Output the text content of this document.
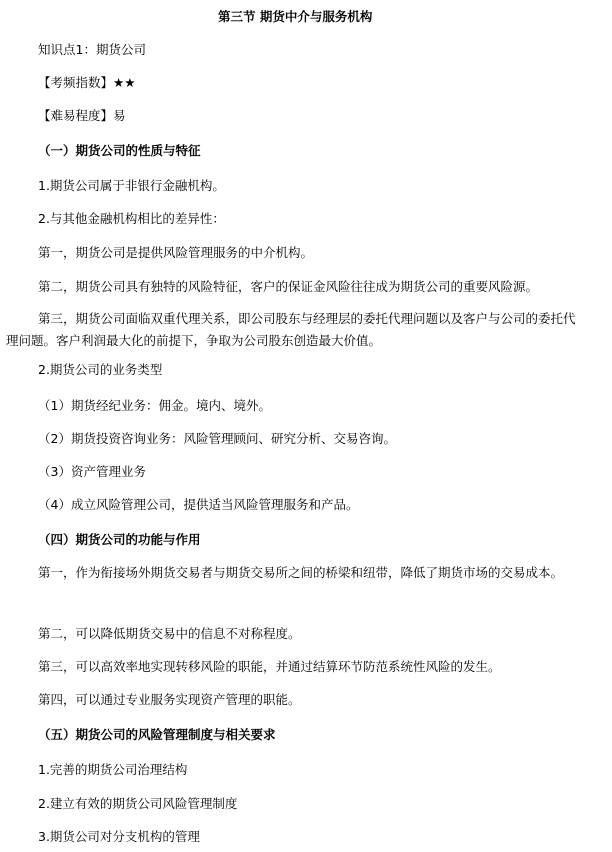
第三节 期货中介与服务机构
知识点1：期货公司
【考频指数】★★
【难易程度】易
（一）期货公司的性质与特征
1.期货公司属于非银行金融机构。
2.与其他金融机构相比的差异性：
第一，期货公司是提供风险管理服务的中介机构。
第二，期货公司具有独特的风险特征，客户的保证金风险往往成为期货公司的重要风险源。
第三，期货公司面临双重代理关系，即公司股东与经理层的委托代理问题以及客户与公司的委托代理问题。客户利润最大化的前提下，争取为公司股东创造最大价值。
2.期货公司的业务类型
（1）期货经纪业务：佣金。境内、境外。
（2）期货投资咨询业务：风险管理顾问、研究分析、交易咨询。
（3）资产管理业务
（4）成立风险管理公司，提供适当风险管理服务和产品。
（四）期货公司的功能与作用
第一，作为衔接场外期货交易者与期货交易所之间的桥梁和纽带，降低了期货市场的交易成本。
第二，可以降低期货交易中的信息不对称程度。
第三，可以高效率地实现转移风险的职能，并通过结算环节防范系统性风险的发生。
第四，可以通过专业服务实现资产管理的职能。
（五）期货公司的风险管理制度与相关要求
1.完善的期货公司治理结构
2.建立有效的期货公司风险管理制度
3.期货公司对分支机构的管理
